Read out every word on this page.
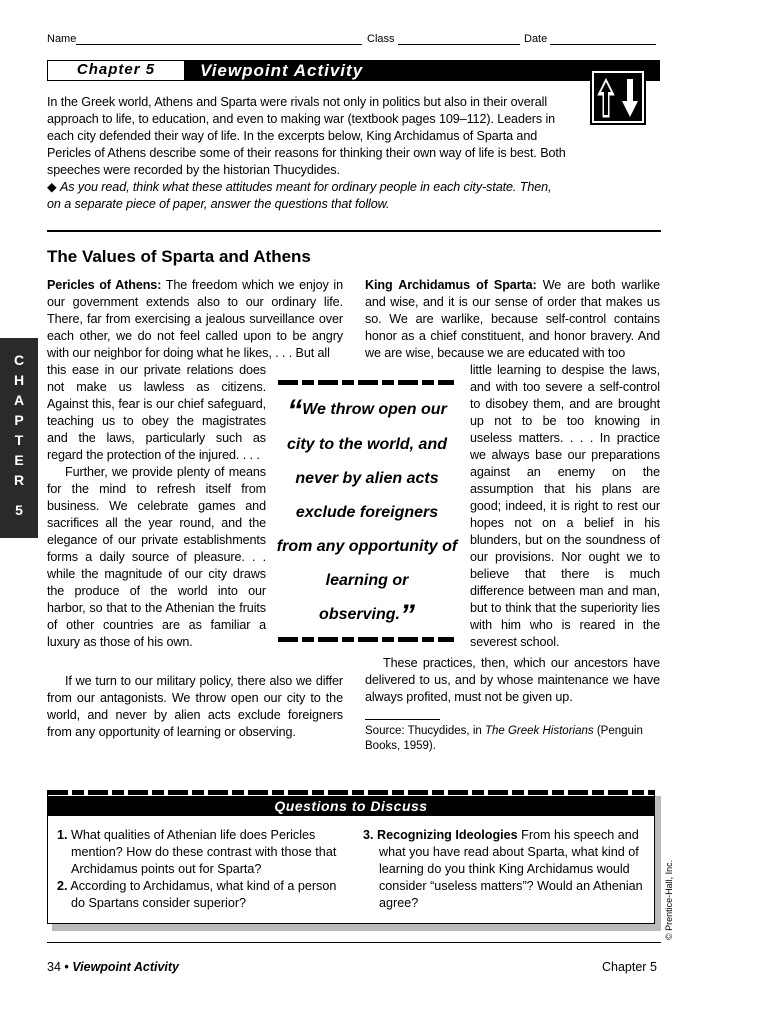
Name	Class	Date
Chapter 5	Viewpoint Activity
In the Greek world, Athens and Sparta were rivals not only in politics but also in their overall approach to life, to education, and even to making war (textbook pages 109–112). Leaders in each city defended their way of life. In the excerpts below, King Archidamus of Sparta and Pericles of Athens describe some of their reasons for thinking their own way of life is best. Both speeches were recorded by the historian Thucydides.
◆ As you read, think what these attitudes meant for ordinary people in each city-state. Then, on a separate piece of paper, answer the questions that follow.
The Values of Sparta and Athens
C
H
A
P
T
E
R
5
Pericles of Athens: The freedom which we enjoy in our government extends also to our ordinary life. There, far from exercising a jealous surveillance over each other, we do not feel called upon to be angry with our neighbor for doing what he likes, . . . But all
this ease in our private relations does not make us lawless as citizens. Against this, fear is our chief safeguard, teaching us to obey the magistrates and the laws, particularly such as regard the protection of the injured. . . .
Further, we provide plenty of means for the mind to refresh itself from business. We celebrate games and sacrifices all the year round, and the elegance of our private establishments forms a daily source of pleasure. . . while the magnitude of our city draws the produce of the world into our harbor, so that to the Athenian the fruits of other countries are as familiar a luxury as those of his own.
If we turn to our military policy, there also we differ from our antagonists. We throw open our city to the world, and never by alien acts exclude foreigners from any opportunity of learning or observing.
“We throw open our city to the world, and never by alien acts exclude foreigners from any opportunity of learning or observing.”
King Archidamus of Sparta: We are both warlike and wise, and it is our sense of order that makes us so. We are warlike, because self-control contains honor as a chief constituent, and honor bravery. And we are wise, because we are educated with too
little learning to despise the laws, and with too severe a self-control to disobey them, and are brought up not to be too knowing in useless matters. . . . In practice we always base our preparations against an enemy on the assumption that his plans are good; indeed, it is right to rest our hopes not on a belief in his blunders, but on the soundness of our provisions. Nor ought we to believe that there is much difference between man and man, but to think that the superiority lies with him who is reared in the severest school.
These practices, then, which our ancestors have delivered to us, and by whose maintenance we have always profited, must not be given up.
Source: Thucydides, in The Greek Historians (Penguin Books, 1959).
Questions to Discuss
1. What qualities of Athenian life does Pericles mention? How do these contrast with those that Archidamus points out for Sparta?
2. According to Archidamus, what kind of a person do Spartans consider superior?
3. Recognizing Ideologies From his speech and what you have read about Sparta, what kind of learning do you think King Archidamus would consider “useless matters”? Would an Athenian agree?	© Prentice-Hall, Inc.
34 • Viewpoint Activity	Chapter 5
